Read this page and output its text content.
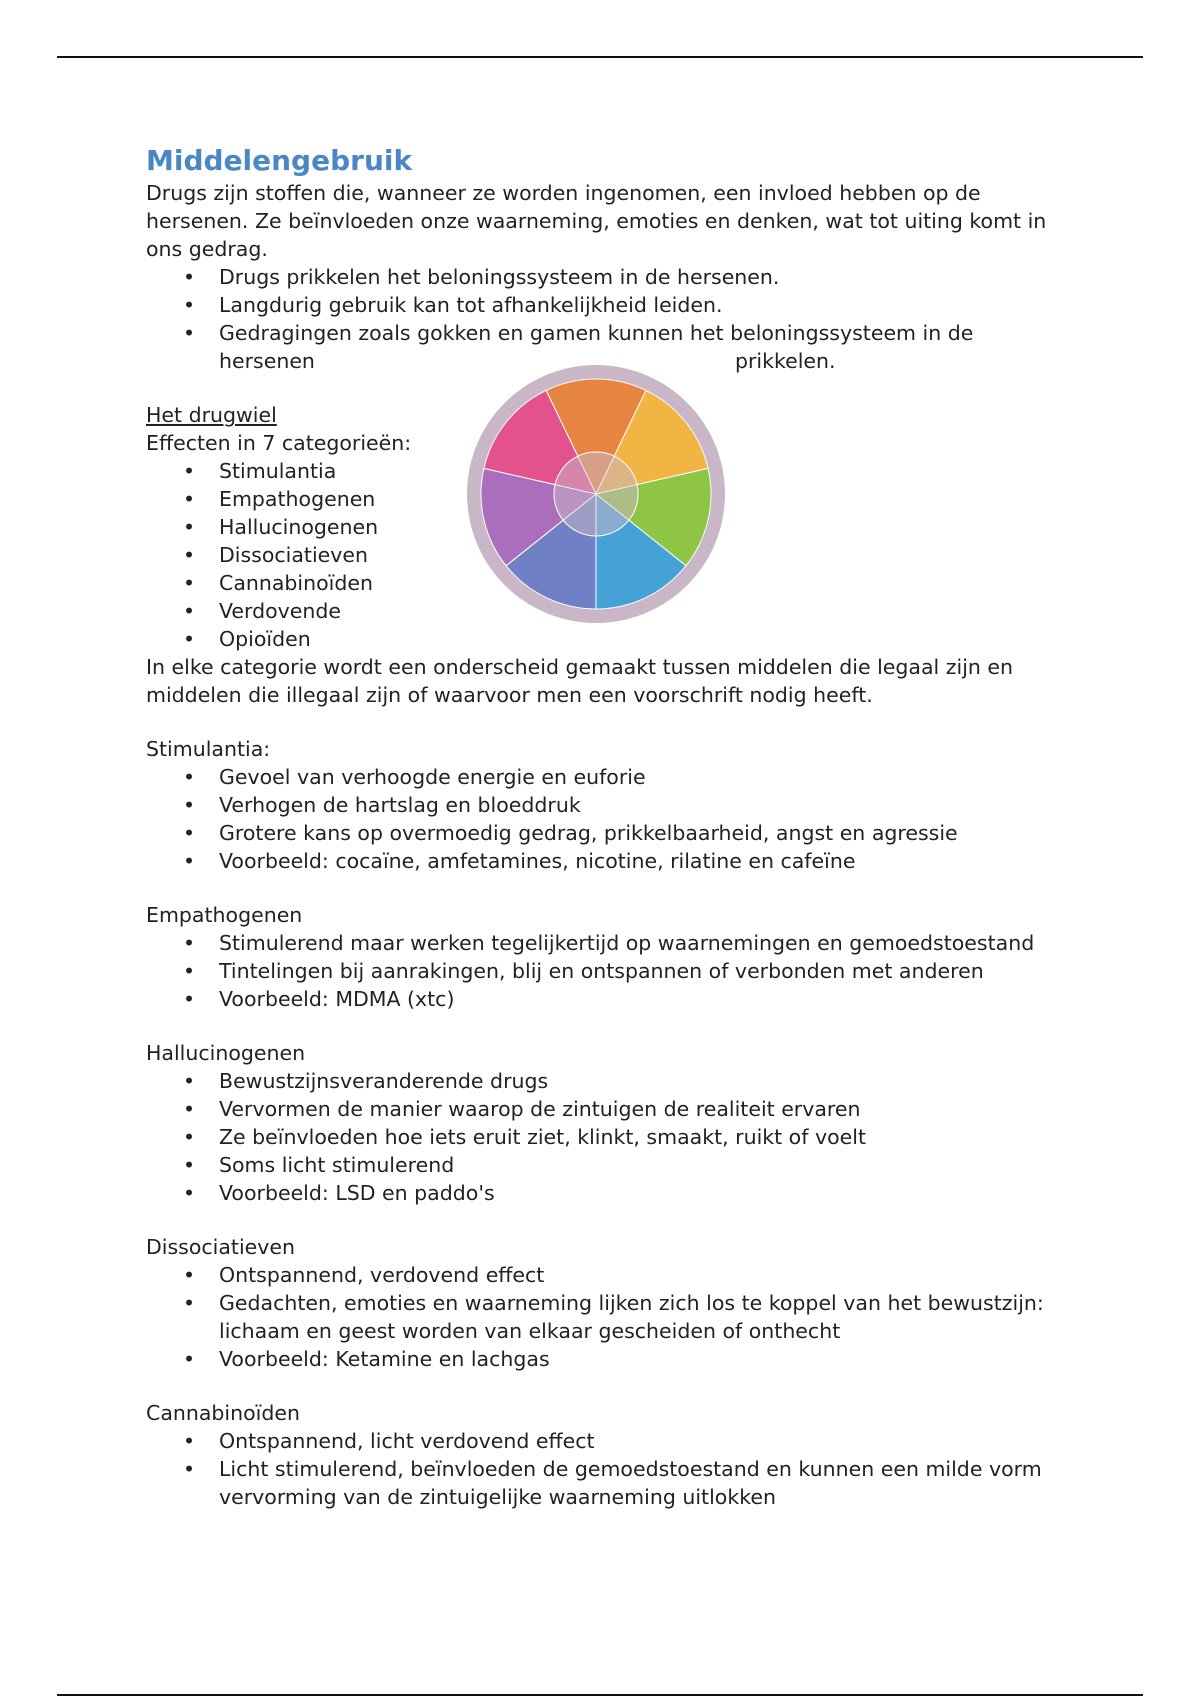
Middelengebruik

Drugs zijn stoffen die, wanneer ze worden ingenomen, een invloed hebben op de hersenen. Ze beïnvloeden onze waarneming, emoties en denken, wat tot uiting komt in ons gedrag.

• Drugs prikkelen het beloningssysteem in de hersenen.
• Langdurig gebruik kan tot afhankelijkheid leiden.
• Gedragingen zoals gokken en gamen kunnen het beloningssysteem in de
hersenen	prikkelen.

Het drugwiel

Effecten in 7 categorieën:

• Stimulantia
• Empathogenen
• Hallucinogenen
• Dissociatieven
• Cannabinoïden
• Verdovende
• Opioïden

In elke categorie wordt een onderscheid gemaakt tussen middelen die legaal zijn en middelen die illegaal zijn of waarvoor men een voorschrift nodig heeft.

Stimulantia:

• Gevoel van verhoogde energie en euforie
• Verhogen de hartslag en bloeddruk
• Grotere kans op overmoedig gedrag, prikkelbaarheid, angst en agressie
• Voorbeeld: cocaïne, amfetamines, nicotine, rilatine en cafeïne

Empathogenen

• Stimulerend maar werken tegelijkertijd op waarnemingen en gemoedstoestand
• Tintelingen bij aanrakingen, blij en ontspannen of verbonden met anderen
• Voorbeeld: MDMA (xtc)

Hallucinogenen

• Bewustzijnsveranderende drugs
• Vervormen de manier waarop de zintuigen de realiteit ervaren
• Ze beïnvloeden hoe iets eruit ziet, klinkt, smaakt, ruikt of voelt
• Soms licht stimulerend
• Voorbeeld: LSD en paddo's

Dissociatieven

• Ontspannend, verdovend effect
• Gedachten, emoties en waarneming lijken zich los te koppel van het bewustzijn: lichaam en geest worden van elkaar gescheiden of onthecht
• Voorbeeld: Ketamine en lachgas

Cannabinoïden

• Ontspannend, licht verdovend effect
• Licht stimulerend, beïnvloeden de gemoedstoestand en kunnen een milde vorm vervorming van de zintuigelijke waarneming uitlokken
